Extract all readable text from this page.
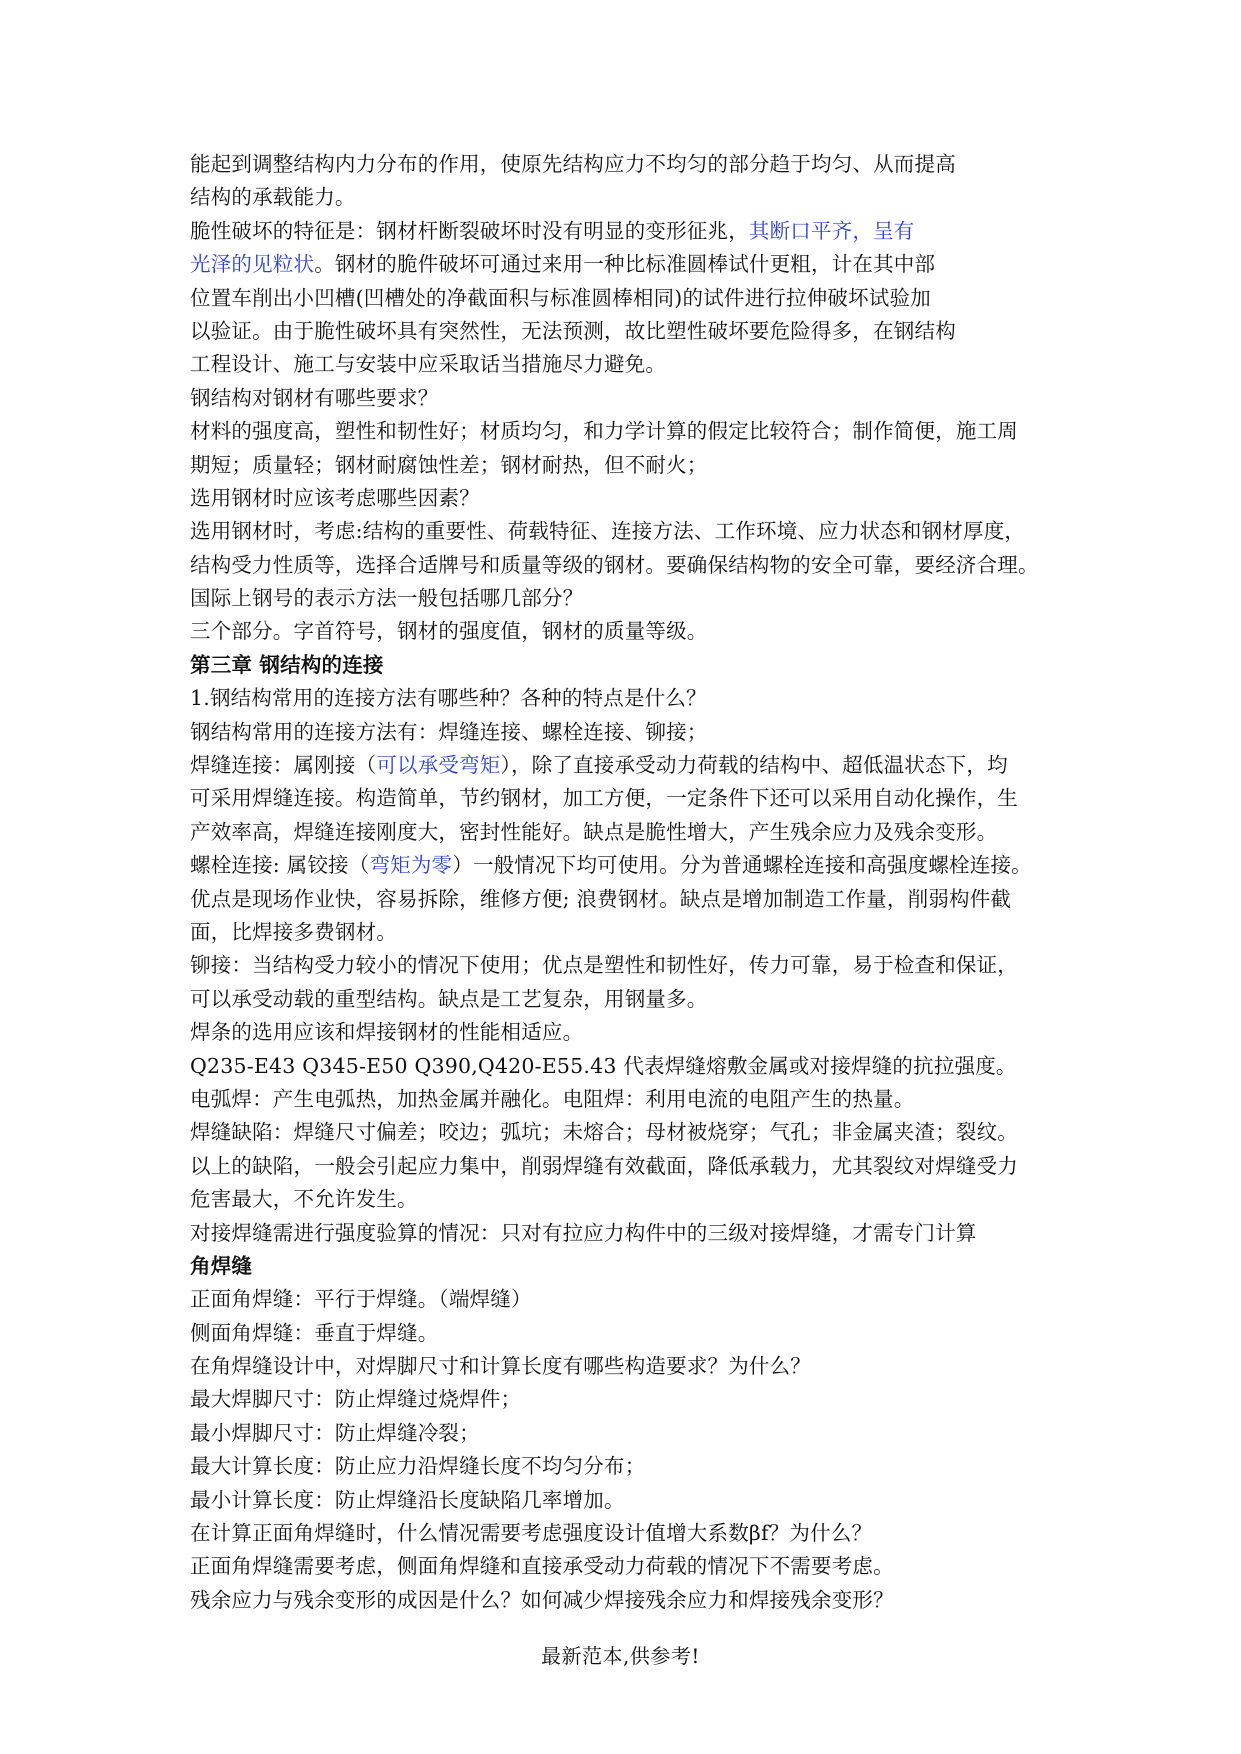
能起到调整结构内力分布的作用，使原先结构应力不均匀的部分趋于均匀、从而提高
结构的承载能力。
脆性破坏的特征是：钢材杆断裂破坏时没有明显的变形征兆，其断口平齐，呈有
光泽的见粒状。钢材的脆件破坏可通过来用一种比标准圆棒试什更粗，计在其中部
位置车削出小凹槽(凹槽处的净截面积与标准圆棒相同)的试件进行拉伸破坏试验加
以验证。由于脆性破坏具有突然性，无法预测，故比塑性破坏要危险得多，在钢结构
工程设计、施工与安装中应采取话当措施尽力避免。
钢结构对钢材有哪些要求？
材料的强度高，塑性和韧性好；材质均匀，和力学计算的假定比较符合；制作简便，施工周
期短；质量轻；钢材耐腐蚀性差；钢材耐热，但不耐火；
选用钢材时应该考虑哪些因素？
选用钢材时，考虑:结构的重要性、荷载特征、连接方法、工作环境、应力状态和钢材厚度，
结构受力性质等，选择合适牌号和质量等级的钢材。要确保结构物的安全可靠，要经济合理。
国际上钢号的表示方法一般包括哪几部分？
三个部分。字首符号，钢材的强度值，钢材的质量等级。
第三章 钢结构的连接
1.钢结构常用的连接方法有哪些种？各种的特点是什么？
钢结构常用的连接方法有：焊缝连接、螺栓连接、铆接；
焊缝连接：属刚接（可以承受弯矩），除了直接承受动力荷载的结构中、超低温状态下，均
可采用焊缝连接。构造简单，节约钢材，加工方便，一定条件下还可以采用自动化操作，生
产效率高，焊缝连接刚度大，密封性能好。缺点是脆性增大，产生残余应力及残余变形。
螺栓连接: 属铰接（弯矩为零）一般情况下均可使用。分为普通螺栓连接和高强度螺栓连接。
优点是现场作业快，容易拆除，维修方便; 浪费钢材。缺点是增加制造工作量，削弱构件截
面，比焊接多费钢材。
铆接：当结构受力较小的情况下使用；优点是塑性和韧性好，传力可靠，易于检查和保证，
可以承受动载的重型结构。缺点是工艺复杂，用钢量多。
焊条的选用应该和焊接钢材的性能相适应。
Q235-E43 Q345-E50 Q390,Q420-E55.43 代表焊缝熔敷金属或对接焊缝的抗拉强度。
电弧焊：产生电弧热，加热金属并融化。电阻焊：利用电流的电阻产生的热量。
焊缝缺陷：焊缝尺寸偏差；咬边；弧坑；未熔合；母材被烧穿；气孔；非金属夹渣；裂纹。
以上的缺陷，一般会引起应力集中，削弱焊缝有效截面，降低承载力，尤其裂纹对焊缝受力
危害最大，不允许发生。
对接焊缝需进行强度验算的情况：只对有拉应力构件中的三级对接焊缝，才需专门计算
角焊缝
正面角焊缝：平行于焊缝。（端焊缝）
侧面角焊缝：垂直于焊缝。
在角焊缝设计中，对焊脚尺寸和计算长度有哪些构造要求？为什么？
最大焊脚尺寸：防止焊缝过烧焊件；
最小焊脚尺寸：防止焊缝冷裂；
最大计算长度：防止应力沿焊缝长度不均匀分布；
最小计算长度：防止焊缝沿长度缺陷几率增加。
在计算正面角焊缝时，什么情况需要考虑强度设计值增大系数βf？为什么？
正面角焊缝需要考虑，侧面角焊缝和直接承受动力荷载的情况下不需要考虑。
残余应力与残余变形的成因是什么？如何减少焊接残余应力和焊接残余变形？
最新范本,供参考!
